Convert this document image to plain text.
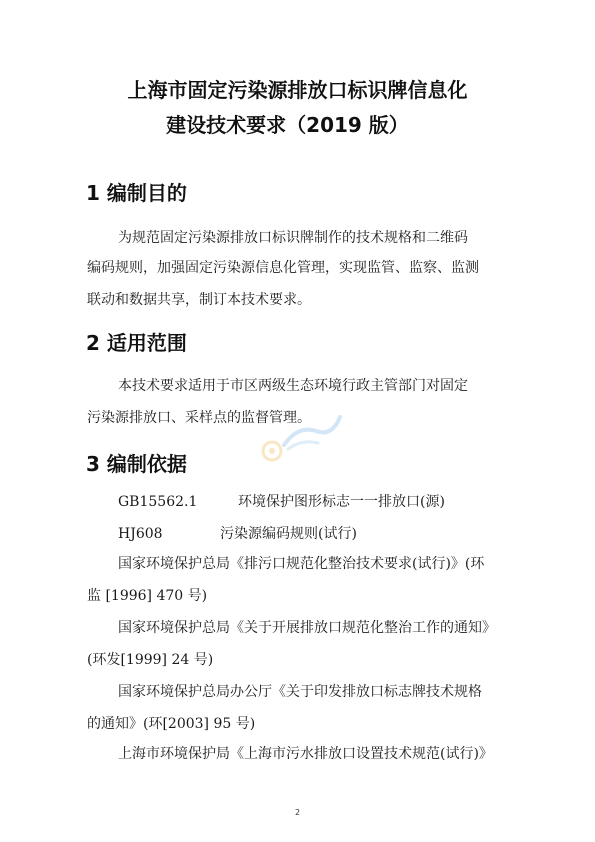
上海市固定污染源排放口标识牌信息化
建设技术要求（2019 版）
1 编制目的
为规范固定污染源排放口标识牌制作的技术规格和二维码
编码规则，加强固定污染源信息化管理，实现监管、监察、监测
联动和数据共享，制订本技术要求。
2 适用范围
本技术要求适用于市区两级生态环境行政主管部门对固定
污染源排放口、采样点的监督管理。
3 编制依据
GB15562.1	环境保护图形标志一一排放口(源)
HJ608	污染源编码规则(试行)
国家环境保护总局《排污口规范化整治技术要求(试行)》(环
监 [1996] 470 号)
国家环境保护总局《关于开展排放口规范化整治工作的通知》
(环发[1999] 24 号)
国家环境保护总局办公厅《关于印发排放口标志牌技术规格
的通知》(环[2003] 95 号)
上海市环境保护局《上海市污水排放口设置技术规范(试行)》
2
